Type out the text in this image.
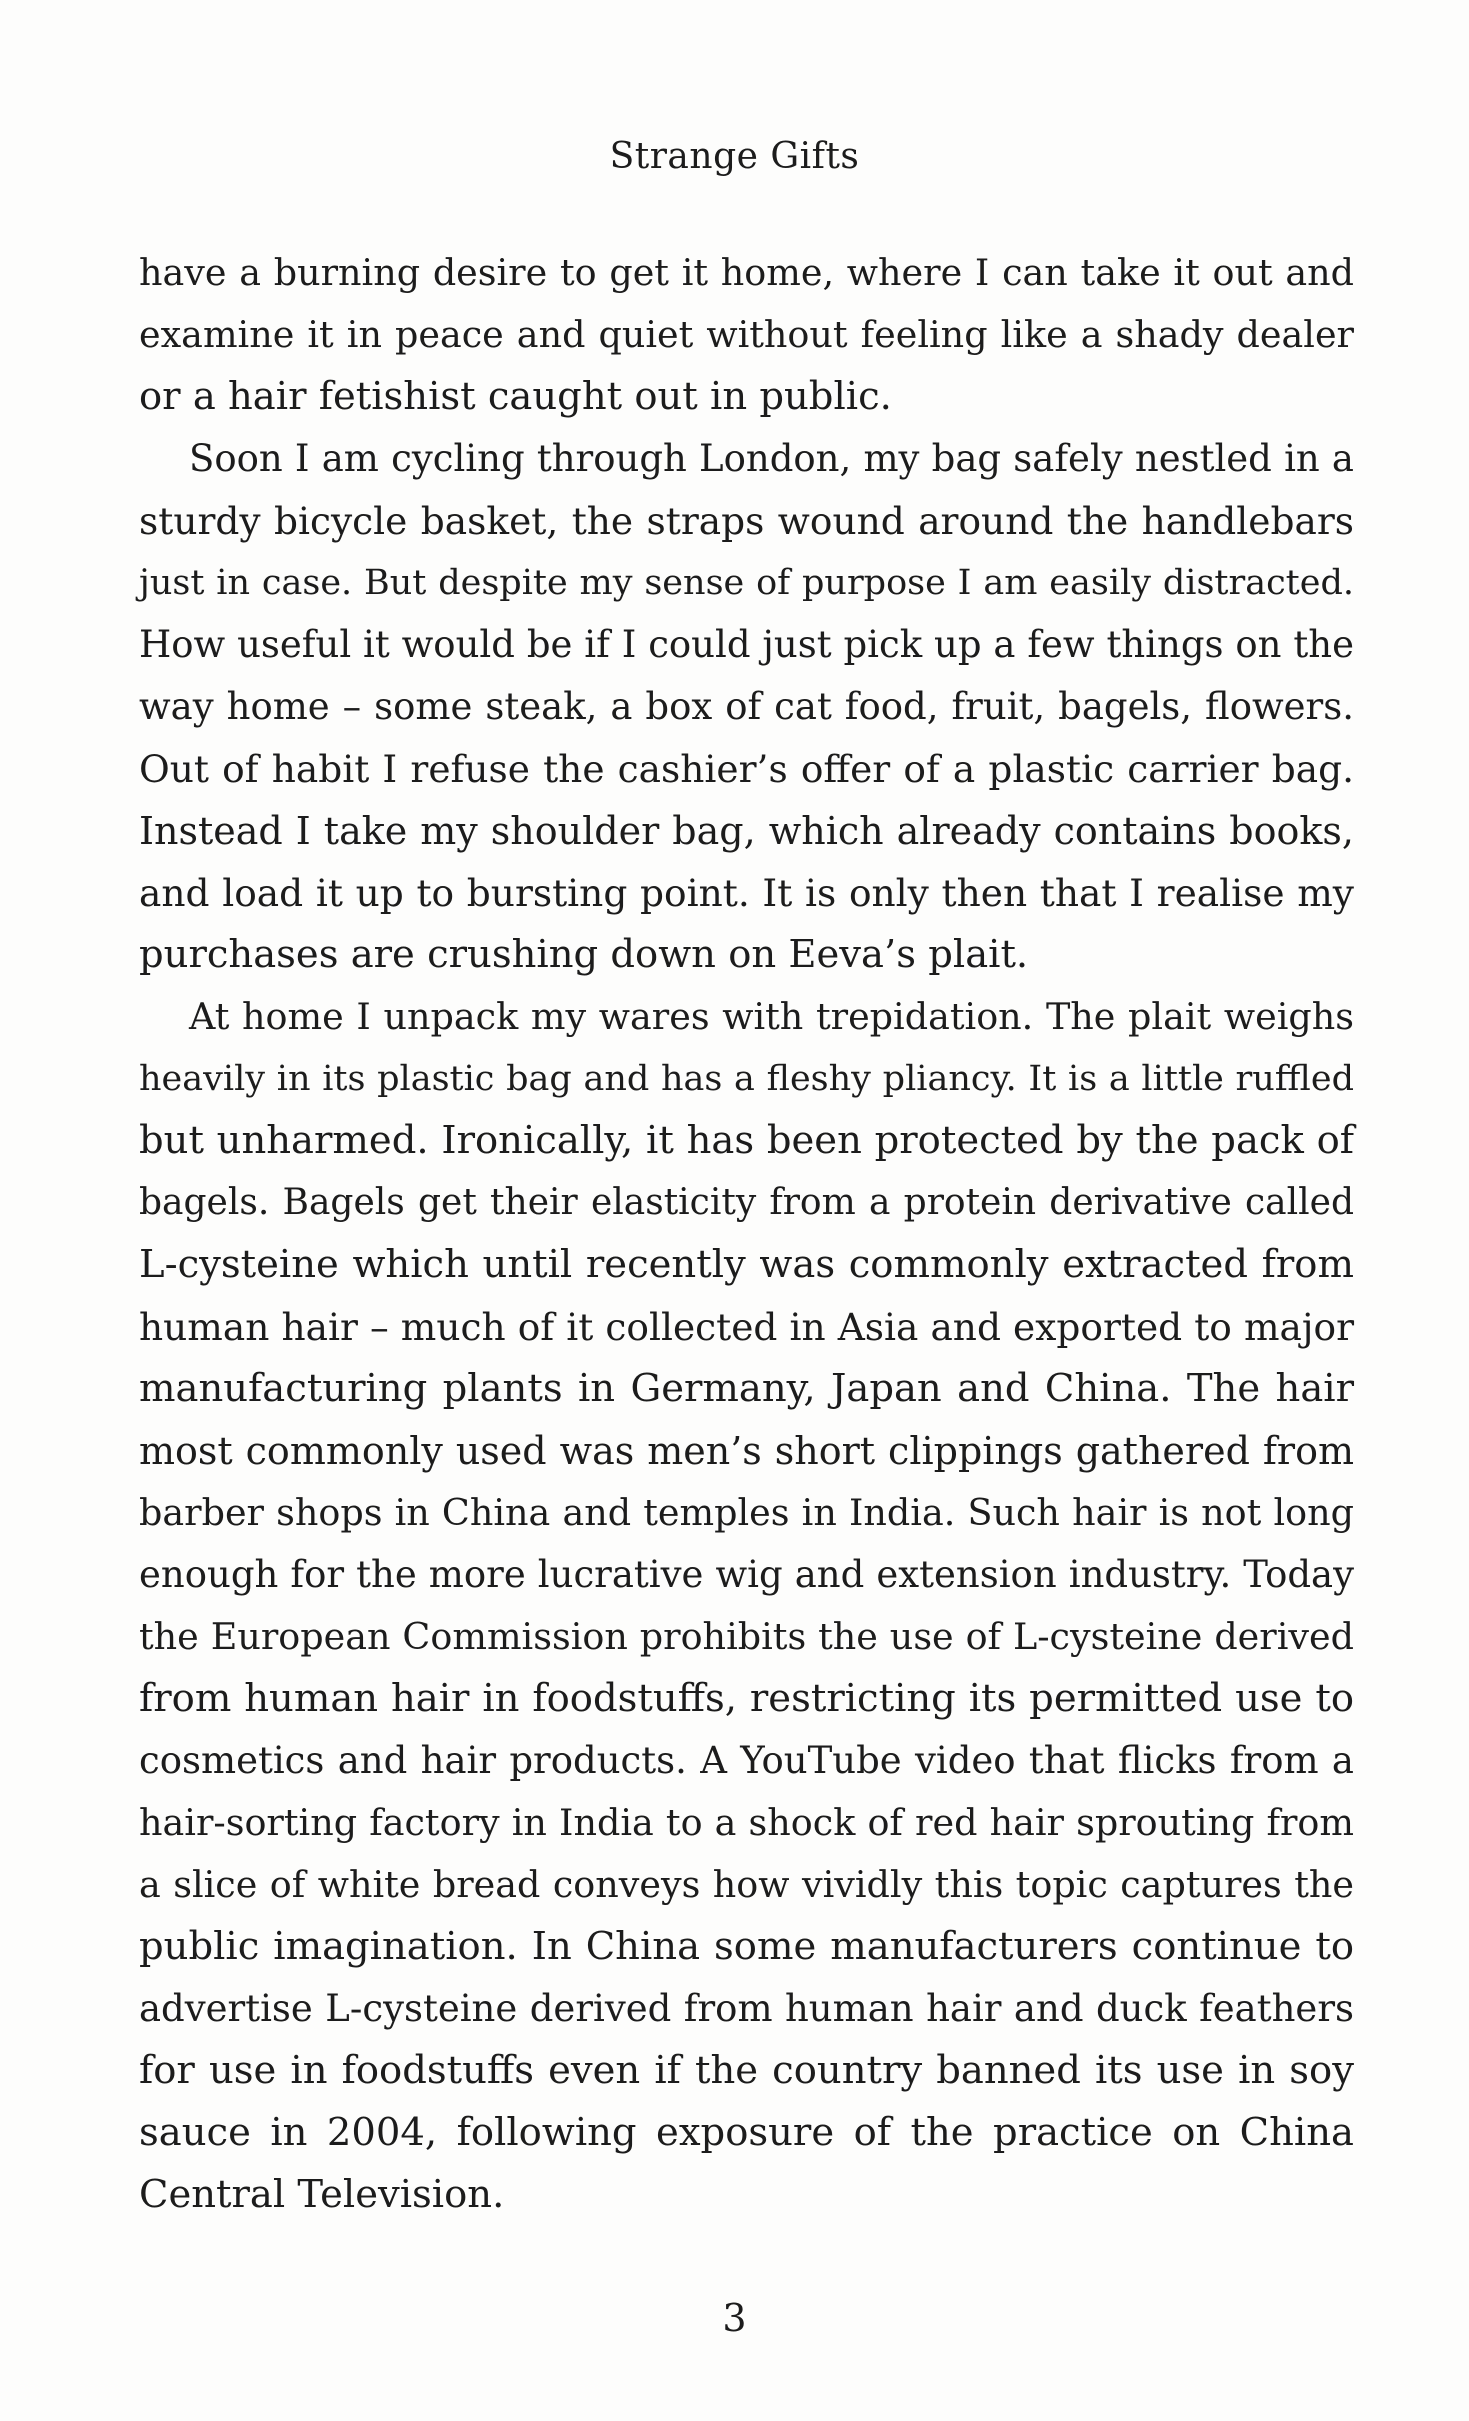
Strange Gifts
have a burning desire to get it home, where I can take it out and
examine it in peace and quiet without feeling like a shady dealer
or a hair fetishist caught out in public.
Soon I am cycling through London, my bag safely nestled in a
sturdy bicycle basket, the straps wound around the handlebars
just in case. But despite my sense of purpose I am easily distracted.
How useful it would be if I could just pick up a few things on the
way home – some steak, a box of cat food, fruit, bagels, flowers.
Out of habit I refuse the cashier’s offer of a plastic carrier bag.
Instead I take my shoulder bag, which already contains books,
and load it up to bursting point. It is only then that I realise my
purchases are crushing down on Eeva’s plait.
At home I unpack my wares with trepidation. The plait weighs
heavily in its plastic bag and has a fleshy pliancy. It is a little ruffled
but unharmed. Ironically, it has been protected by the pack of
bagels. Bagels get their elasticity from a protein derivative called
L-cysteine which until recently was commonly extracted from
human hair – much of it collected in Asia and exported to major
manufacturing plants in Germany, Japan and China. The hair
most commonly used was men’s short clippings gathered from
barber shops in China and temples in India. Such hair is not long
enough for the more lucrative wig and extension industry. Today
the European Commission prohibits the use of L-cysteine derived
from human hair in foodstuffs, restricting its permitted use to
cosmetics and hair products. A YouTube video that flicks from a
hair-sorting factory in India to a shock of red hair sprouting from
a slice of white bread conveys how vividly this topic captures the
public imagination. In China some manufacturers continue to
advertise L-cysteine derived from human hair and duck feathers
for use in foodstuffs even if the country banned its use in soy
sauce in 2004, following exposure of the practice on China
Central Television.
3
